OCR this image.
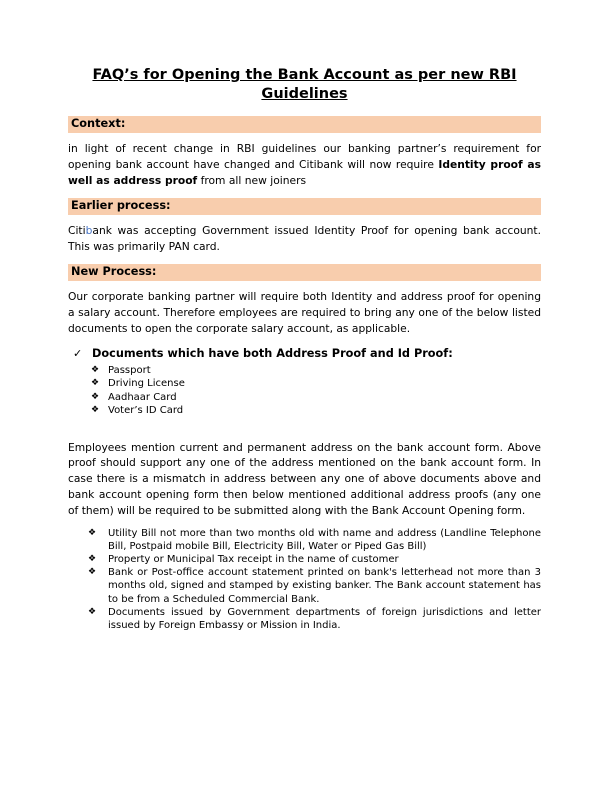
FAQ’s for Opening the Bank Account as per new RBI Guidelines
Context:

in light of recent change in RBI guidelines our banking partner’s requirement for opening bank account have changed and Citibank will now require Identity proof as well as address proof from all new joiners

Earlier process:

Citibank was accepting Government issued Identity Proof for opening bank account. This was primarily PAN card.

New Process:

Our corporate banking partner will require both Identity and address proof for opening a salary account. Therefore employees are required to bring any one of the below listed documents to open the corporate salary account, as applicable.

✓ Documents which have both Address Proof and Id Proof:
❖ Passport
❖ Driving License
❖ Aadhaar Card
❖ Voter’s ID Card

Employees mention current and permanent address on the bank account form. Above proof should support any one of the address mentioned on the bank account form. In case there is a mismatch in address between any one of above documents above and bank account opening form then below mentioned additional address proofs (any one of them) will be required to be submitted along with the Bank Account Opening form.

❖	Utility Bill not more than two months old with name and address (Landline Telephone Bill, Postpaid mobile Bill, Electricity Bill, Water or Piped Gas Bill)
❖	Property or Municipal Tax receipt in the name of customer
❖	Bank or Post-office account statement printed on bank's letterhead not more than 3 months old, signed and stamped by existing banker. The Bank account statement has to be from a Scheduled Commercial Bank.
❖	Documents issued by Government departments of foreign jurisdictions and letter issued by Foreign Embassy or Mission in India.
